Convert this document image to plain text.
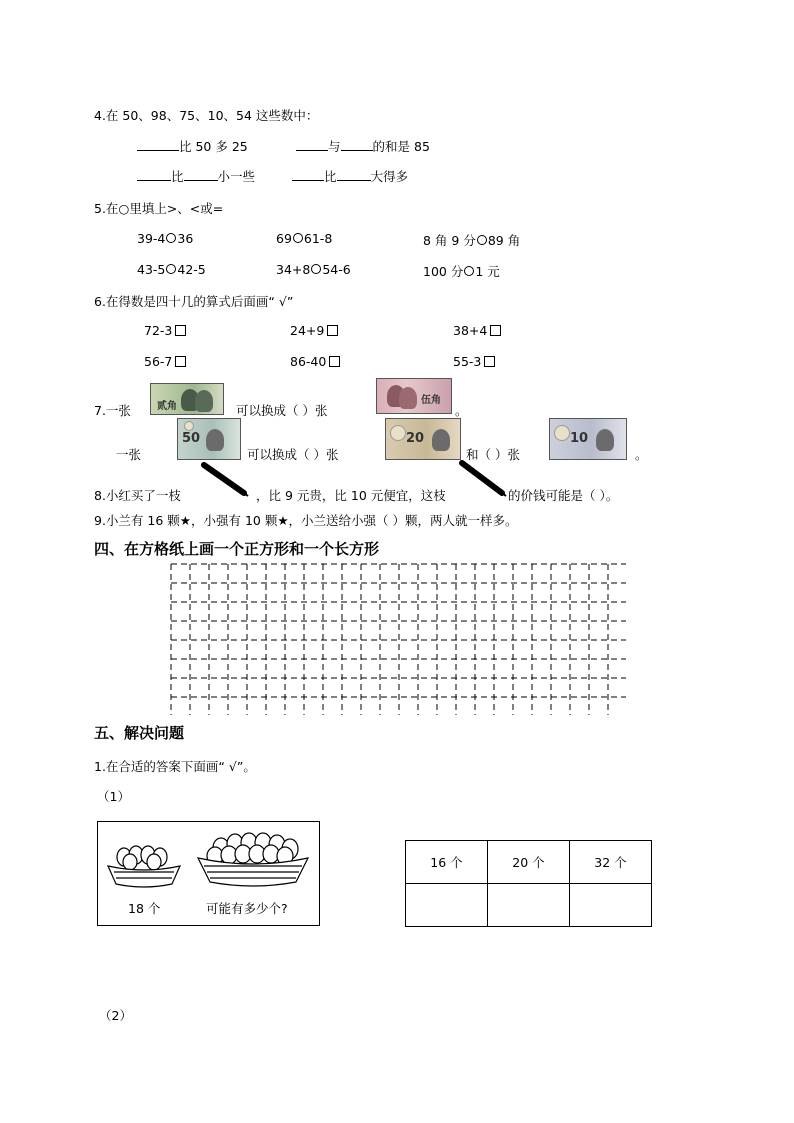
4.在 50、98、75、10、54 这些数中：
比 50 多 25	与	的和是 85
比	小一些	比	大得多
5.在○里填上>、<或=
39-4 36	69 61-8	8 角 9 分 89 角
43-5 42-5	34+8 54-6	100 分 1 元
6.在得数是四十几的算式后面画“ √”
72-3	24+9	38+4
56-7	86-40	55-3
7.一张	贰角	可以换成（ ）张
伍角
。
一张
50
可以换成（ ）张
20
和（ ）张
10
。
8.小红买了一枝	，比 9 元贵，比 10 元便宜，这枝	的价钱可能是（ ）。
9.小兰有 16 颗★，小强有 10 颗★，小兰送给小强（ ）颗，两人就一样多。
四、在方格纸上画一个正方形和一个长方形
五、解决问题
1.在合适的答案下面画“ √”。
（1）
18 个	可能有多少个?
16 个	20 个	32 个

（2）
